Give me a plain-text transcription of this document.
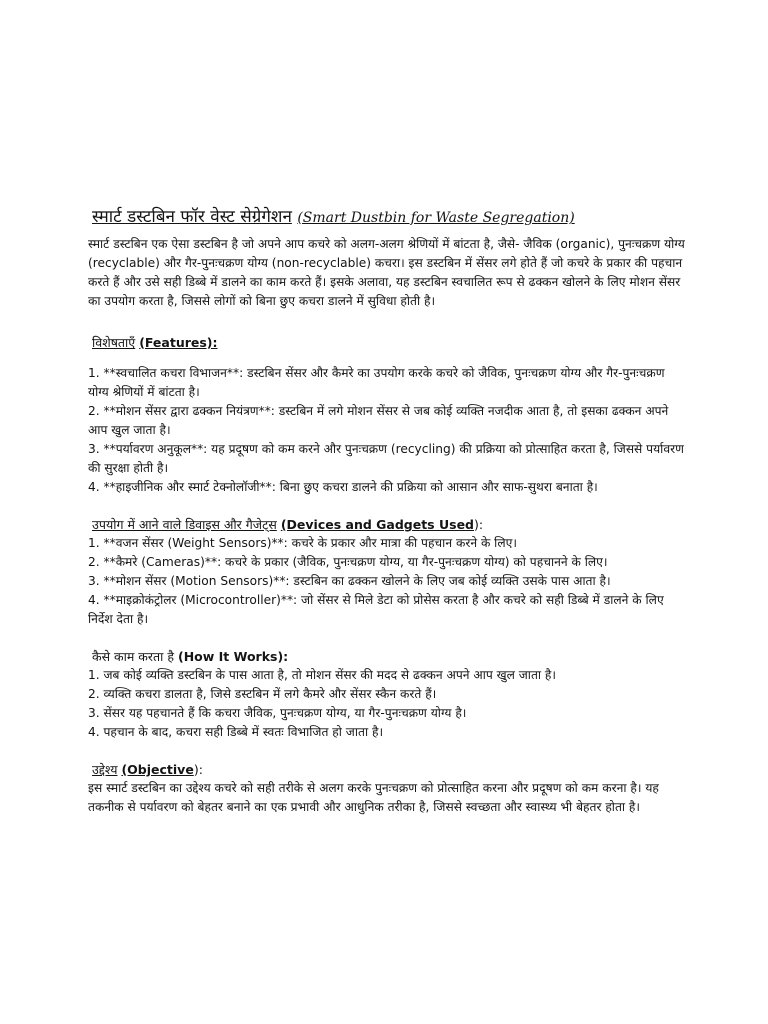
स्मार्ट डस्टबिन फॉर वेस्ट सेग्रेगेशन (Smart Dustbin for Waste Segregation)

स्मार्ट डस्टबिन एक ऐसा डस्टबिन है जो अपने आप कचरे को अलग-अलग श्रेणियों में बांटता है, जैसे- जैविक (organic), पुनःचक्रण योग्य (recyclable) और गैर-पुनःचक्रण योग्य (non-recyclable) कचरा। इस डस्टबिन में सेंसर लगे होते हैं जो कचरे के प्रकार की पहचान करते हैं और उसे सही डिब्बे में डालने का काम करते हैं। इसके अलावा, यह डस्टबिन स्वचालित रूप से ढक्कन खोलने के लिए मोशन सेंसर का उपयोग करता है, जिससे लोगों को बिना छुए कचरा डालने में सुविधा होती है।

विशेषताएँ (Features):
1. **स्वचालित कचरा विभाजन**: डस्टबिन सेंसर और कैमरे का उपयोग करके कचरे को जैविक, पुनःचक्रण योग्य और गैर-पुनःचक्रण योग्य श्रेणियों में बांटता है।
2. **मोशन सेंसर द्वारा ढक्कन नियंत्रण**: डस्टबिन में लगे मोशन सेंसर से जब कोई व्यक्ति नजदीक आता है, तो इसका ढक्कन अपने आप खुल जाता है।
3. **पर्यावरण अनुकूल**: यह प्रदूषण को कम करने और पुनःचक्रण (recycling) की प्रक्रिया को प्रोत्साहित करता है, जिससे पर्यावरण की सुरक्षा होती है।
4. **हाइजीनिक और स्मार्ट टेक्नोलॉजी**: बिना छुए कचरा डालने की प्रक्रिया को आसान और साफ-सुथरा बनाता है।
उपयोग में आने वाले डिवाइस और गैजेट्स (Devices and Gadgets Used):
1. **वजन सेंसर (Weight Sensors)**: कचरे के प्रकार और मात्रा की पहचान करने के लिए।
2. **कैमरे (Cameras)**: कचरे के प्रकार (जैविक, पुनःचक्रण योग्य, या गैर-पुनःचक्रण योग्य) को पहचानने के लिए।
3. **मोशन सेंसर (Motion Sensors)**: डस्टबिन का ढक्कन खोलने के लिए जब कोई व्यक्ति उसके पास आता है।
4. **माइक्रोकंट्रोलर (Microcontroller)**: जो सेंसर से मिले डेटा को प्रोसेस करता है और कचरे को सही डिब्बे में डालने के लिए निर्देश देता है।
कैसे काम करता है (How It Works):
1. जब कोई व्यक्ति डस्टबिन के पास आता है, तो मोशन सेंसर की मदद से ढक्कन अपने आप खुल जाता है।
2. व्यक्ति कचरा डालता है, जिसे डस्टबिन में लगे कैमरे और सेंसर स्कैन करते हैं।
3. सेंसर यह पहचानते हैं कि कचरा जैविक, पुनःचक्रण योग्य, या गैर-पुनःचक्रण योग्य है।
4. पहचान के बाद, कचरा सही डिब्बे में स्वतः विभाजित हो जाता है।
उद्देश्य (Objective):

इस स्मार्ट डस्टबिन का उद्देश्य कचरे को सही तरीके से अलग करके पुनःचक्रण को प्रोत्साहित करना और प्रदूषण को कम करना है। यह तकनीक से पर्यावरण को बेहतर बनाने का एक प्रभावी और आधुनिक तरीका है, जिससे स्वच्छता और स्वास्थ्य भी बेहतर होता है।
